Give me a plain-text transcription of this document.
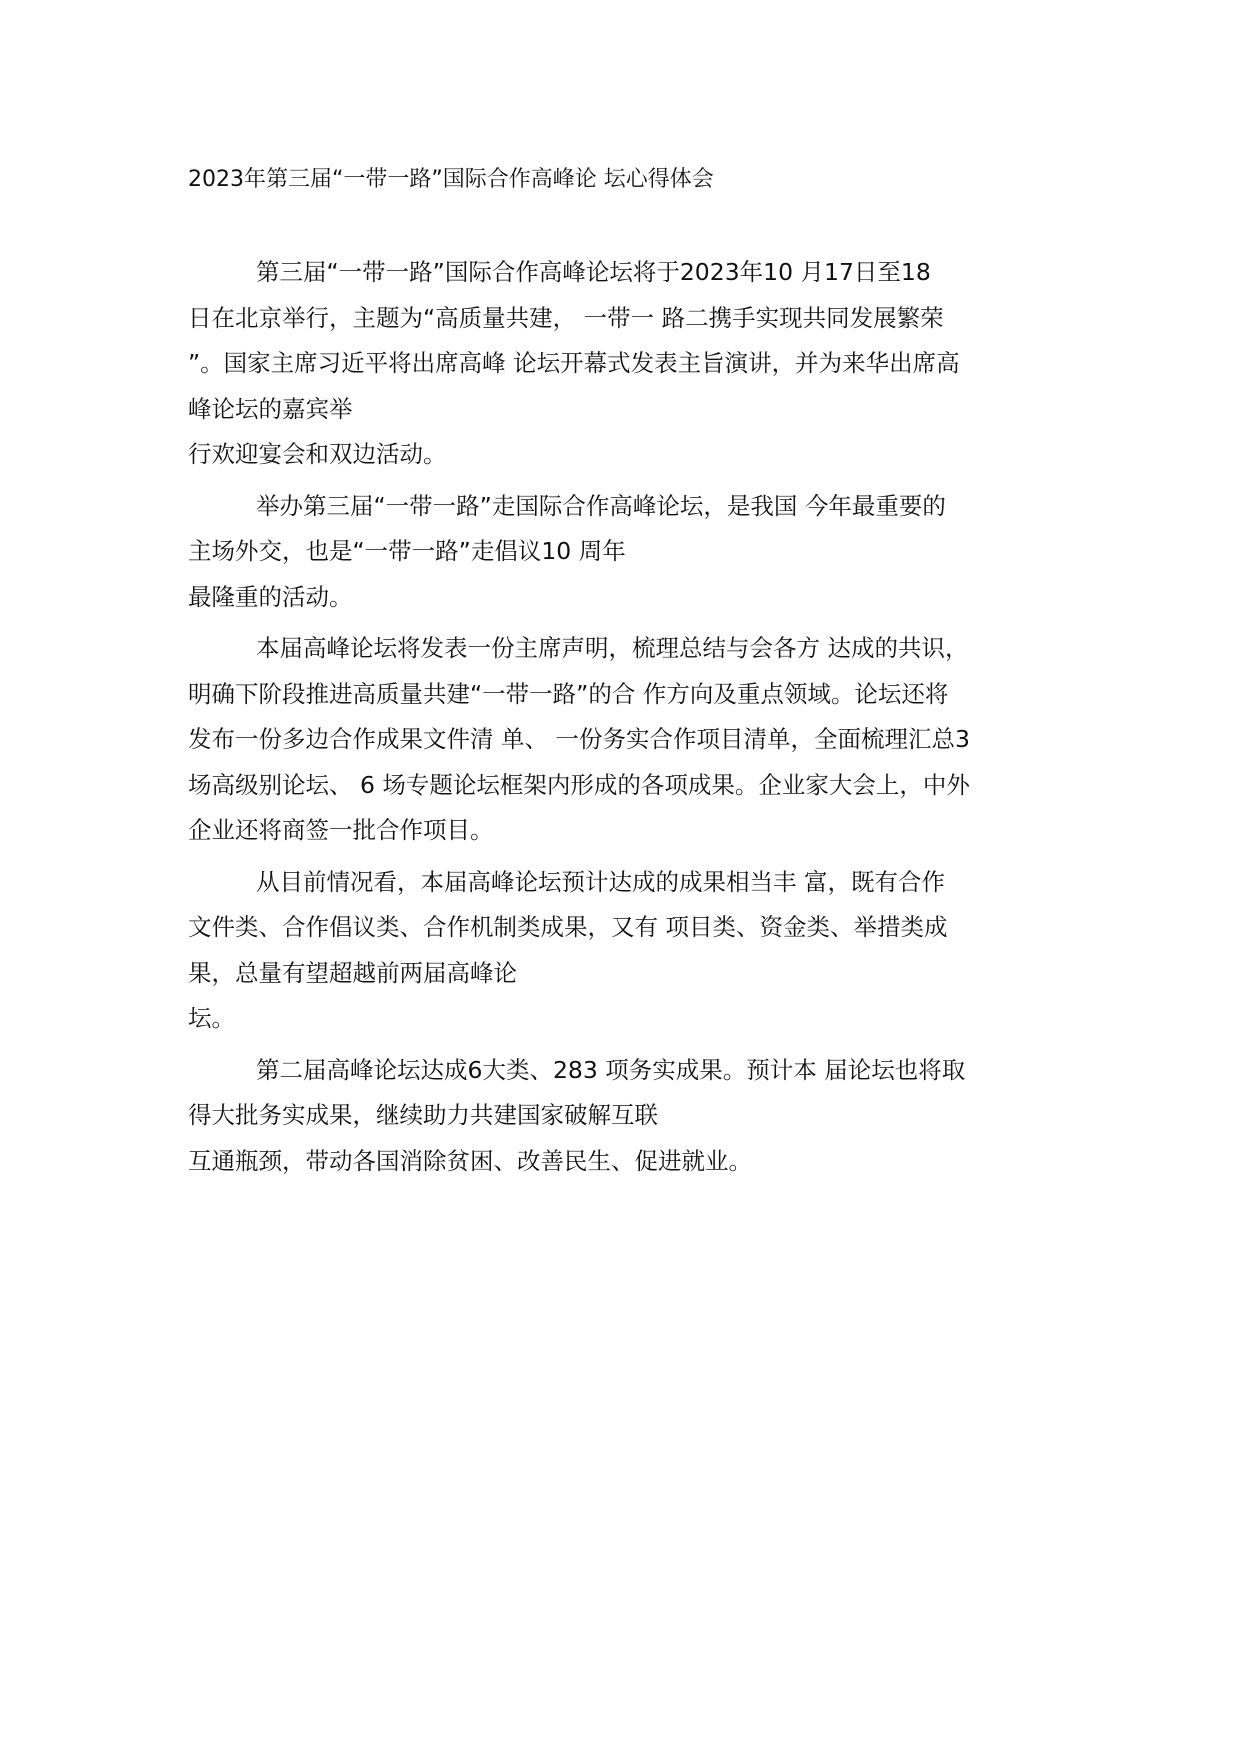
2023年第三届“一带一路”国际合作高峰论 坛心得体会
第三届“一带一路”国际合作高峰论坛将于2023年10 月17日至18
日在北京举行，主题为“高质量共建， 一带一 路二携手实现共同发展繁荣
”。国家主席习近平将出席高峰 论坛开幕式发表主旨演讲，并为来华出席高
峰论坛的嘉宾举
行欢迎宴会和双边活动。
举办第三届“一带一路”走国际合作高峰论坛，是我国 今年最重要的
主场外交，也是“一带一路”走倡议10 周年
最隆重的活动。
本届高峰论坛将发表一份主席声明，梳理总结与会各方 达成的共识，
明确下阶段推进高质量共建“一带一路”的合 作方向及重点领域。论坛还将
发布一份多边合作成果文件清 单、 一份务实合作项目清单，全面梳理汇总3
场高级别论坛、 6 场专题论坛框架内形成的各项成果。企业家大会上，中外
企业还将商签一批合作项目。
从目前情况看，本届高峰论坛预计达成的成果相当丰 富，既有合作
文件类、合作倡议类、合作机制类成果，又有 项目类、资金类、举措类成
果，总量有望超越前两届高峰论
坛。
第二届高峰论坛达成6大类、283 项务实成果。预计本 届论坛也将取
得大批务实成果，继续助力共建国家破解互联
互通瓶颈，带动各国消除贫困、改善民生、促进就业。
